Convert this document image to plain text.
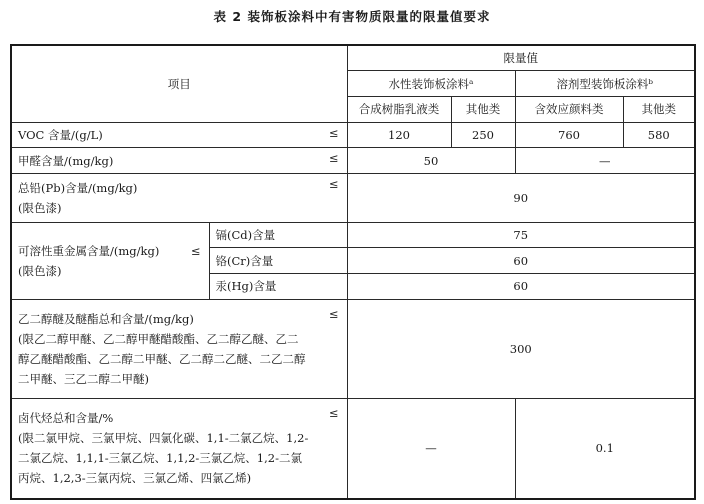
表 2 装饰板涂料中有害物质限量的限量值要求
项目		限量值			
		水性装饰板涂料ᵃ		溶剂型装饰板涂料ᵇ	
		合成树脂乳液类	其他类	含效应颜料类	其他类
VOC 含量/(g/L) ≤		120	250	760	580
甲醛含量/(mg/kg) ≤		50		—	

总铅(Pb)含量/(mg/kg)
(限色漆)
≤		90			

可溶性重金属含量/(mg/kg)
(限色漆)
≤	镉(Cd)含量	75			
	铬(Cr)含量	60			
	汞(Hg)含量	60			

乙二醇醚及醚酯总和含量/(mg/kg)
(限乙二醇甲醚、乙二醇甲醚醋酸酯、乙二醇乙醚、乙二
醇乙醚醋酸酯、乙二醇二甲醚、乙二醇二乙醚、二乙二醇
二甲醚、三乙二醇二甲醚)
≤		300			

卤代烃总和含量/%
(限二氯甲烷、三氯甲烷、四氯化碳、1,1-二氯乙烷、1,2-
二氯乙烷、1,1,1-三氯乙烷、1,1,2-三氯乙烷、1,2-二氯
丙烷、1,2,3-三氯丙烷、三氯乙烯、四氯乙烯)
≤		—		0.1	
